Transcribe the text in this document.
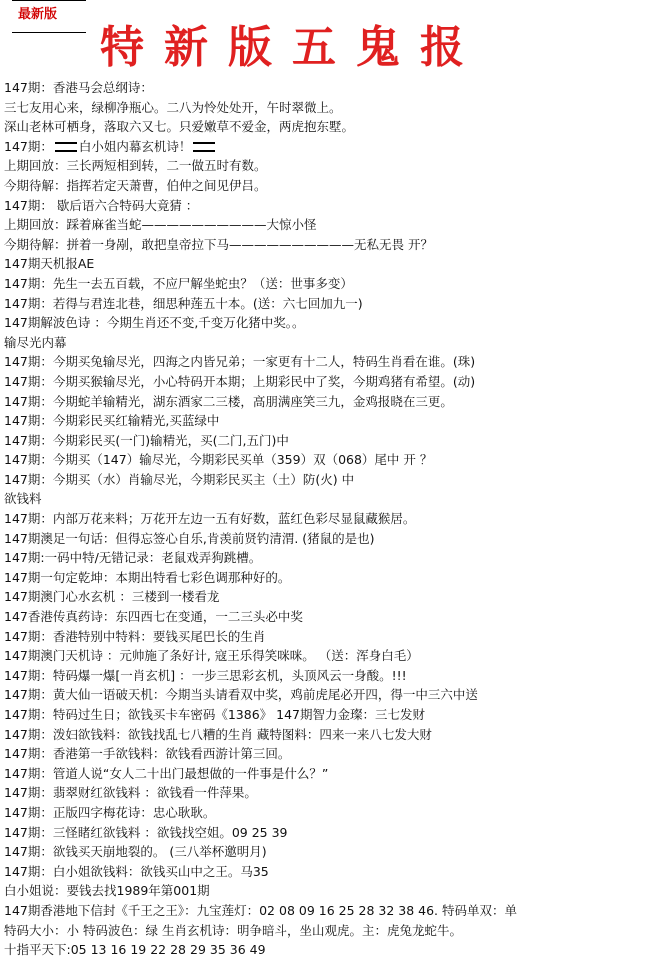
最新版
特新版五鬼报
147期：香港马会总纲诗：
三七友用心来，绿柳净瓶心。二八为怜处处开，午时翠微上。
深山老林可栖身，落取六又七。只爱嫩草不爱金，两虎抱东墅。
147期： 白小姐内幕玄机诗！
上期回放：三长两短相到转，二一做五时有数。
今期待解：指挥若定天萧曹，伯仲之间见伊吕。
147期： 歇后语六合特码大竟猜 ：
上期回放：踩着麻雀当蛇——————————大惊小怪
今期待解：拼着一身剐，敢把皇帝拉下马——————————无私无畏 开？
147期天机报AE
147期：先生一去五百载，不应尸解坐蛇虫？（送：世事多变）
147期：若得与君连北巷，细思种莲五十本。(送：六七回加九一)
147期解波色诗 ：今期生肖还不变,千变万化猪中奖。。
输尽光内幕
147期：今期买兔输尽光，四海之内皆兄弟；一家更有十二人，特码生肖看在谁。(珠)
147期：今期买猴输尽光，小心特码开本期；上期彩民中了奖，今期鸡猪有希望。(动)
147期：今期蛇羊输精光，湖东酒家二三楼，高朋满座笑三九，金鸡报晓在三更。
147期：今期彩民买红输精光,买蓝绿中
147期：今期彩民买(一门)输精光，买(二门,五门)中
147期：今期买（147）输尽光，今期彩民买单（359）双（068）尾中 开 ？
147期：今期买（水）肖输尽光，今期彩民买主（土）防(火) 中
欲钱料
147期：内部万花来料；万花开左边一五有好数，蓝红色彩尽显鼠藏猴居。
147期澳足一句话：但得忘签心自乐,肯羡前贤钓清渭. (猪鼠的是也)
147期:一码中特/无错记录：老鼠戏弄狗跳槽。
147期一句定乾坤：本期出特看七彩色调那种好的。
147期澳门心水玄机 ：三楼到一楼看龙
147香港传真药诗：东四西七在变通，一二三头必中奖
147期：香港特别中特料：要钱买尾巴长的生肖
147期澳门天机诗 ：元帅施了条好计, 寇王乐得笑咪咪。 （送：浑身白毛）
147期：特码爆一爆[一肖玄机] ：一步三思彩玄机，头顶风云一身酸。!!!
147期：黄大仙一语破天机：今期当头请看双中奖，鸡前虎尾必开四，得一中三六中送
147期：特码过生日；欲钱买卡车密码《1386》 147期智力金璨：三七发财
147期：泼妇欲钱料：欲钱找乱七八糟的生肖 藏特图料：四来一来八七发大财
147期：香港第一手欲钱料：欲钱看西游计第三回。
147期：管道人说“女人二十出门最想做的一件事是什么？”
147期：翡翠财红欲钱料 ：欲钱看一件萍果。
147期：正版四字梅花诗：忠心耿耿。
147期：三怪睹红欲钱料 ：欲钱找空姐。09 25 39
147期：欲钱买天崩地裂的。 (三八举杯邀明月)
147期：白小姐欲钱料：欲钱买山中之王。马35
白小姐说：要钱去找1989年第001期
147期香港地下信封《千王之王》：九宝莲灯：02 08 09 16 25 28 32 38 46. 特码单双：单
特码大小：小 特码波色：绿 生肖玄机诗：明争暗斗，坐山观虎。主：虎兔龙蛇牛。
十指平天下:05 13 16 19 22 28 29 35 36 49
